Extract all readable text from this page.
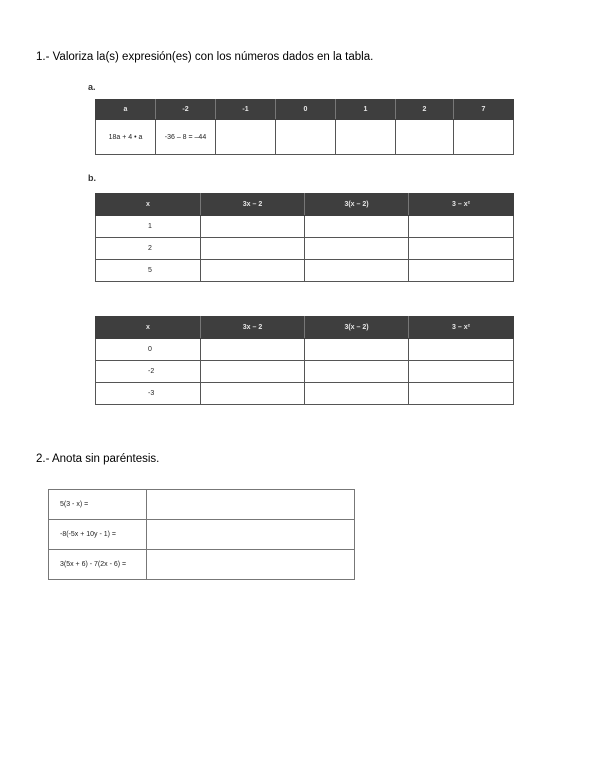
1.- Valoriza la(s) expresión(es) con los números dados en la tabla.
a.
a	-2	-1	0	1	2	7
18a + 4 • a	-36 – 8 = –44					
b.
x	3x – 2	3(x – 2)	3 – x²
1			
2			
5			
x	3x – 2	3(x – 2)	3 – x²
0			
-2			
-3			
2.- Anota sin paréntesis.
5(3 - x) =	
-8(-5x + 10y - 1) =	
3(5x + 6) - 7(2x - 6) =	
